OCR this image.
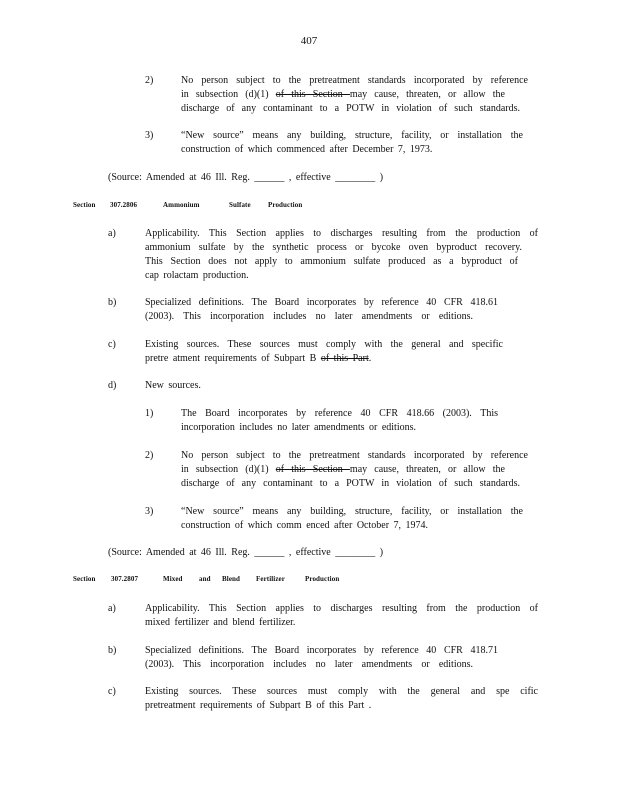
407
2)	No person subject to the pretreatment standards incorporated by reference
in subsection (d)(1) of this Section may cause, threaten, or allow the
discharge of any contaminant to a POTW in violation of such standards.
3)	“New source” means any building, structure, facility, or installation the
construction of which commenced after December 7, 1973.
(Source: Amended at 46 Ill. Reg. ______ , effective ________ )
Section 307.2806	Ammonium	Sulfate Production
a)	Applicability. This Section applies to discharges resulting from the production of
ammonium sulfate by the synthetic process or bycoke oven byproduct recovery.
This Section does not apply to ammonium sulfate produced as a byproduct of
cap rolactam production.
b)	Specialized definitions. The Board incorporates by reference 40 CFR 418.61
(2003). This incorporation includes no later amendments or editions.
c)	Existing sources. These sources must comply with the general and specific
pretre atment requirements of Subpart B of this Part.
d)	New sources.
1)	The Board incorporates by reference 40 CFR 418.66 (2003). This
incorporation includes no later amendments or editions.
2)	No person subject to the pretreatment standards incorporated by reference
in subsection (d)(1) of this Section may cause, threaten, or allow the
discharge of any contaminant to a POTW in violation of such standards.
3)	“New source” means any building, structure, facility, or installation the
construction of which comm enced after October 7, 1974.
(Source: Amended at 46 Ill. Reg. ______ , effective ________ )
Section 307.2807	Mixed and Blend Fertilizer	Production
a)	Applicability. This Section applies to discharges resulting from the production of
mixed fertilizer and blend fertilizer.
b)	Specialized definitions. The Board incorporates by reference 40 CFR 418.71
(2003). This incorporation includes no later amendments or editions.
c)	Existing sources. These sources must comply with the general and spe cific
pretreatment requirements of Subpart B of this Part .
